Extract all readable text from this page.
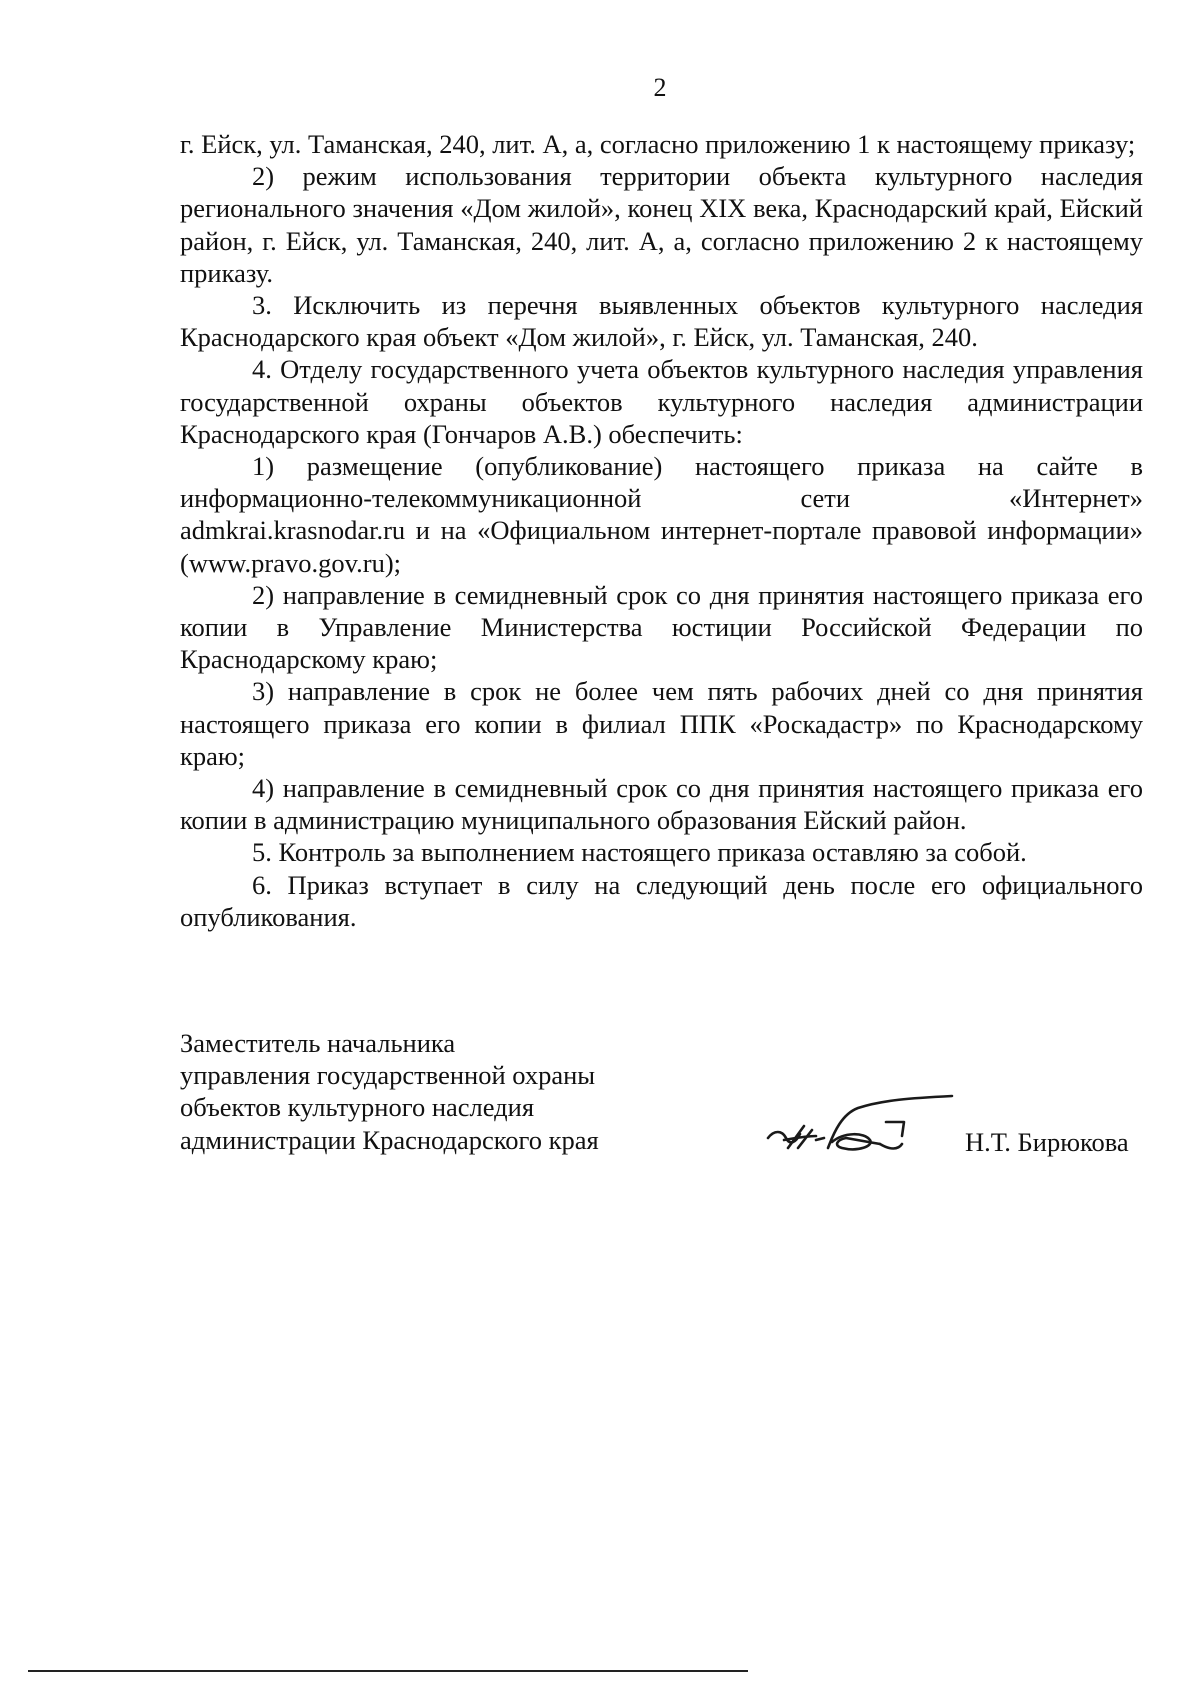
2

г. Ейск, ул. Таманская, 240, лит. А, а, согласно приложению 1 к настоящему приказу;

2) режим использования территории объекта культурного наследия регионального значения «Дом жилой», конец XIX века, Краснодарский край, Ейский район, г. Ейск, ул. Таманская, 240, лит. А, а, согласно приложению 2 к настоящему приказу.

3. Исключить из перечня выявленных объектов культурного наследия Краснодарского края объект «Дом жилой», г. Ейск, ул. Таманская, 240.

4. Отделу государственного учета объектов культурного наследия управления государственной охраны объектов культурного наследия администрации Краснодарского края (Гончаров А.В.) обеспечить:

1) размещение (опубликование) настоящего приказа на сайте в информационно-телекоммуникационной сети «Интернет»

admkrai.krasnodar.ru и на «Официальном интернет-портале правовой информации» (www.pravo.gov.ru);

2) направление в семидневный срок со дня принятия настоящего приказа его копии в Управление Министерства юстиции Российской Федерации по Краснодарскому краю;

3) направление в срок не более чем пять рабочих дней со дня принятия настоящего приказа его копии в филиал ППК «Роскадастр» по Краснодарскому краю;

4) направление в семидневный срок со дня принятия настоящего приказа его копии в администрацию муниципального образования Ейский район.

5. Контроль за выполнением настоящего приказа оставляю за собой.

6. Приказ вступает в силу на следующий день после его официального опубликования.

Заместитель начальника
управления государственной охраны
объектов культурного наследия
администрации Краснодарского края	Н.Т. Бирюкова
